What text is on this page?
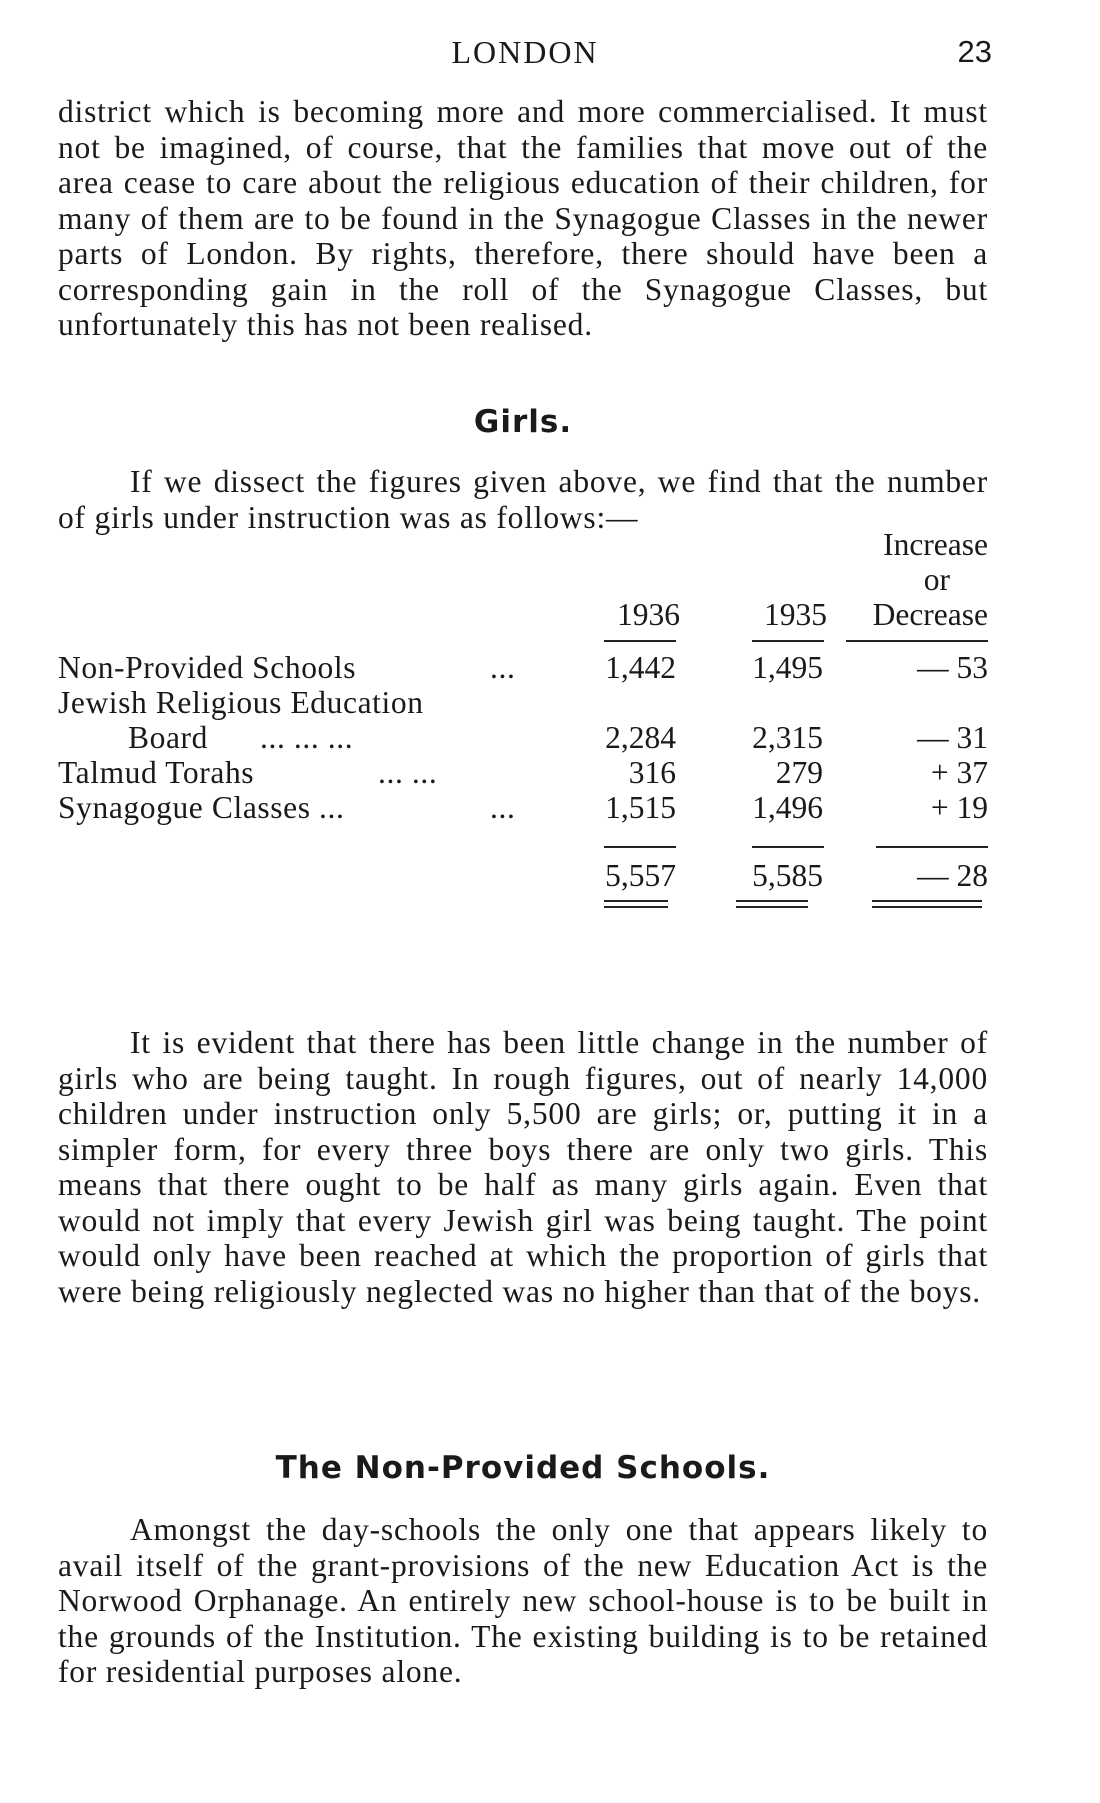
LONDON	23

district which is becoming more and more commercialised. It must not be imagined, of course, that the families that move out of the area cease to care about the religious education of their children, for many of them are to be found in the Synagogue Classes in the newer parts of London. By rights, therefore, there should have been a corresponding gain in the roll of the Synagogue Classes, but unfortunately this has not been realised.

Girls.

If we dissect the figures given above, we find that the number of girls under instruction was as follows:—

Increase
or
1936	1935	Decrease
Non-Provided Schools	...	1,442	1,495	— 53
Jewish Religious Education
Board ... ... ...	2,284	2,315	— 31
Talmud Torahs	... ...	316	279	+ 37
Synagogue Classes ...	...	1,515	1,496	+ 19
5,557	5,585	— 28

It is evident that there has been little change in the number of girls who are being taught. In rough figures, out of nearly 14,000 children under instruction only 5,500 are girls; or, putting it in a simpler form, for every three boys there are only two girls. This means that there ought to be half as many girls again. Even that would not imply that every Jewish girl was being taught. The point would only have been reached at which the proportion of girls that were being religiously neglected was no higher than that of the boys.

The Non-Provided Schools.

Amongst the day-schools the only one that appears likely to avail itself of the grant-provisions of the new Education Act is the Norwood Orphanage. An entirely new school-house is to be built in the grounds of the Institution. The existing building is to be retained for residential purposes alone.
